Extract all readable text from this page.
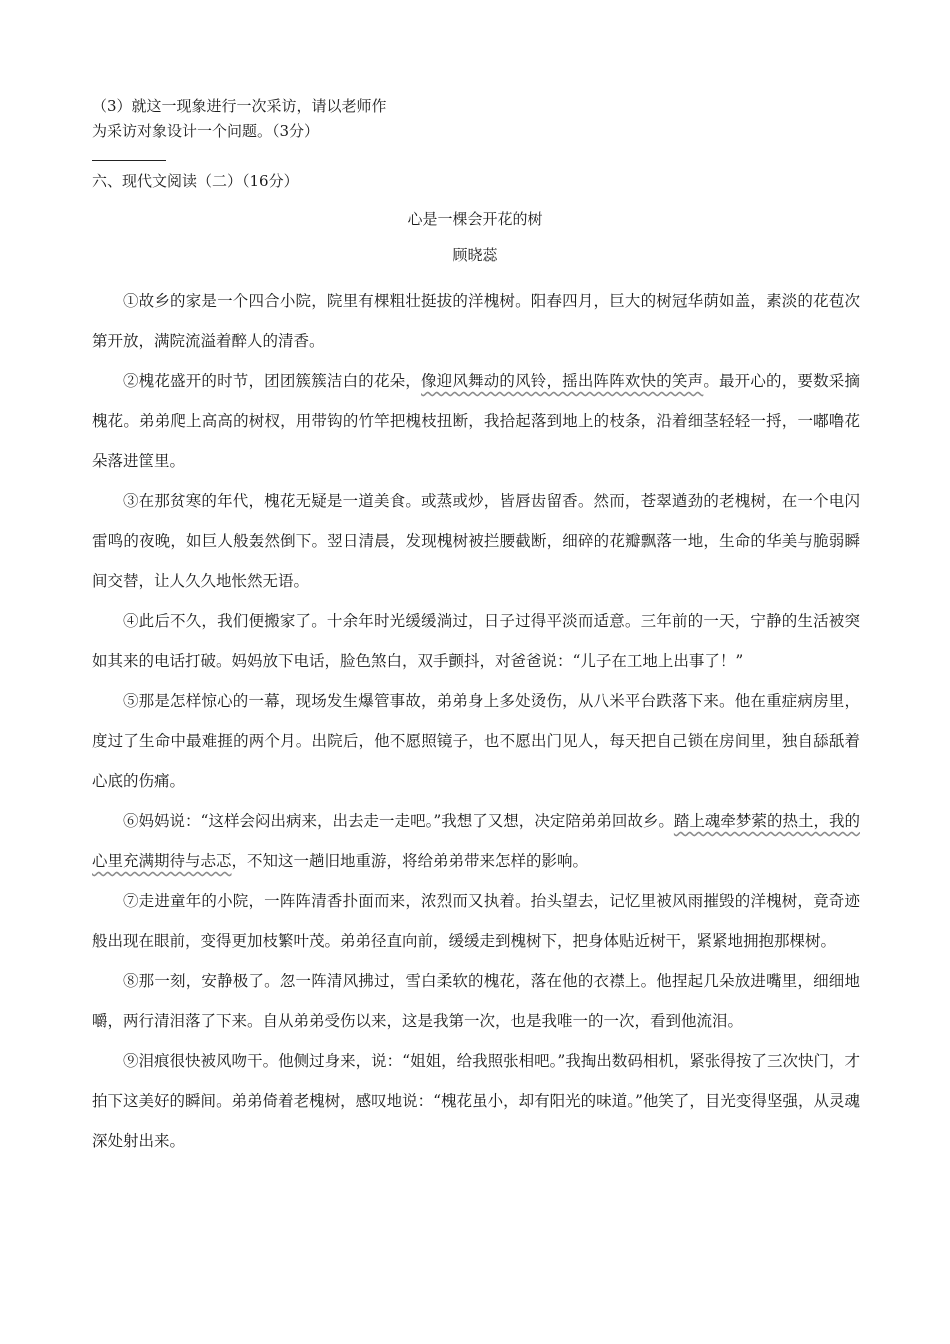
（3）就这一现象进行一次采访，请以老师作
为采访对象设计一个问题。（3分）
六、现代文阅读（二）（16分）
心是一棵会开花的树
顾晓蕊

①故乡的家是一个四合小院，院里有棵粗壮挺拔的洋槐树。阳春四月，巨大的树冠华荫如盖，素淡的花苞次第开放，满院流溢着醉人的清香。

②槐花盛开的时节，团团簇簇洁白的花朵，像迎风舞动的风铃，摇出阵阵欢快的笑声。最开心的，要数采摘槐花。弟弟爬上高高的树杈，用带钩的竹竿把槐枝扭断，我拾起落到地上的枝条，沿着细茎轻轻一捋，一嘟噜花朵落进筐里。

③在那贫寒的年代，槐花无疑是一道美食。或蒸或炒，皆唇齿留香。然而，苍翠遒劲的老槐树，在一个电闪雷鸣的夜晚，如巨人般轰然倒下。翌日清晨，发现槐树被拦腰截断，细碎的花瓣飘落一地，生命的华美与脆弱瞬间交替，让人久久地怅然无语。

④此后不久，我们便搬家了。十余年时光缓缓淌过，日子过得平淡而适意。三年前的一天，宁静的生活被突如其来的电话打破。妈妈放下电话，脸色煞白，双手颤抖，对爸爸说：“儿子在工地上出事了！”

⑤那是怎样惊心的一幕，现场发生爆管事故，弟弟身上多处烫伤，从八米平台跌落下来。他在重症病房里，度过了生命中最难捱的两个月。出院后，他不愿照镜子，也不愿出门见人，每天把自己锁在房间里，独自舔舐着心底的伤痛。

⑥妈妈说：“这样会闷出病来，出去走一走吧。”我想了又想，决定陪弟弟回故乡。踏上魂牵梦萦的热土，我的心里充满期待与忐忑，不知这一趟旧地重游，将给弟弟带来怎样的影响。

⑦走进童年的小院，一阵阵清香扑面而来，浓烈而又执着。抬头望去，记忆里被风雨摧毁的洋槐树，竟奇迹般出现在眼前，变得更加枝繁叶茂。弟弟径直向前，缓缓走到槐树下，把身体贴近树干，紧紧地拥抱那棵树。

⑧那一刻，安静极了。忽一阵清风拂过，雪白柔软的槐花，落在他的衣襟上。他捏起几朵放进嘴里，细细地嚼，两行清泪落了下来。自从弟弟受伤以来，这是我第一次，也是我唯一的一次，看到他流泪。

⑨泪痕很快被风吻干。他侧过身来，说：“姐姐，给我照张相吧。”我掏出数码相机，紧张得按了三次快门，才拍下这美好的瞬间。弟弟倚着老槐树，感叹地说：“槐花虽小，却有阳光的味道。”他笑了，目光变得坚强，从灵魂深处射出来。
